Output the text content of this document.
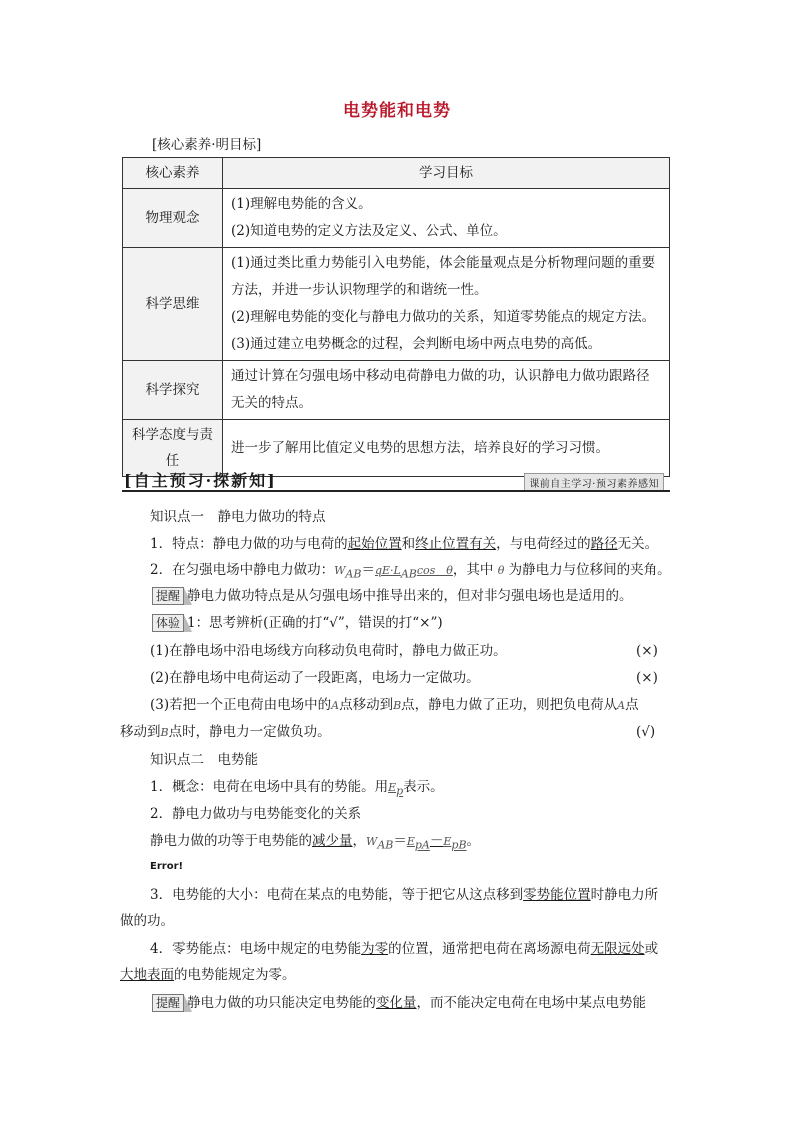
电势能和电势
[核心素养·明目标]
核心素养	学习目标
物理观念	(1)理解电势能的含义。
(2)知道电势的定义方法及定义、公式、单位。

科学思维	(1)通过类比重力势能引入电势能，体会能量观点是分析物理问题的重要方法，并进一步认识物理学的和谐统一性。
(2)理解电势能的变化与静电力做功的关系，知道零势能点的规定方法。
(3)通过建立电势概念的过程，会判断电场中两点电势的高低。

科学探究	通过计算在匀强电场中移动电荷静电力做的功，认识静电力做功跟路径无关的特点。

科学态度与责任	进一步了解用比值定义电势的思想方法，培养良好的学习习惯。
[自主预习·探新知]	课前自主学习·预习素养感知
知识点一　静电力做功的特点
1．特点：静电力做的功与电荷的起始位置和终止位置有关，与电荷经过的路径无关。
2．在匀强电场中静电力做功：$W_{AB}=qE\cdot L_{AB}\cos$　θ，其中 θ 为静电力与位移间的夹角。
提醒 静电力做功特点是从匀强电场中推导出来的，但对非匀强电场也是适用的。
体验 1：思考辨析(正确的打“√”，错误的打“×”)
(1)在静电场中沿电场线方向移动负电荷时，静电力做正功。	(×)
(2)在静电场中电荷运动了一段距离，电场力一定做功。	(×)
(3)若把一个正电荷由电场中的A点移动到B点，静电力做了正功，则把负电荷从A点
移动到B点时，静电力一定做负功。	(√)
知识点二　电势能
1．概念：电荷在电场中具有的势能。用$E_p$表示。
2．静电力做功与电势能变化的关系
静电力做的功等于电势能的减少量，$W_{AB}=E_{pA}-E_{pB}$。
Error!
3．电势能的大小：电荷在某点的电势能，等于把它从这点移到零势能位置时静电力所
做的功。
4．零势能点：电场中规定的电势能为零的位置，通常把电荷在离场源电荷无限远处或
大地表面的电势能规定为零。
提醒 静电力做的功只能决定电势能的变化量，而不能决定电荷在电场中某点电势能
